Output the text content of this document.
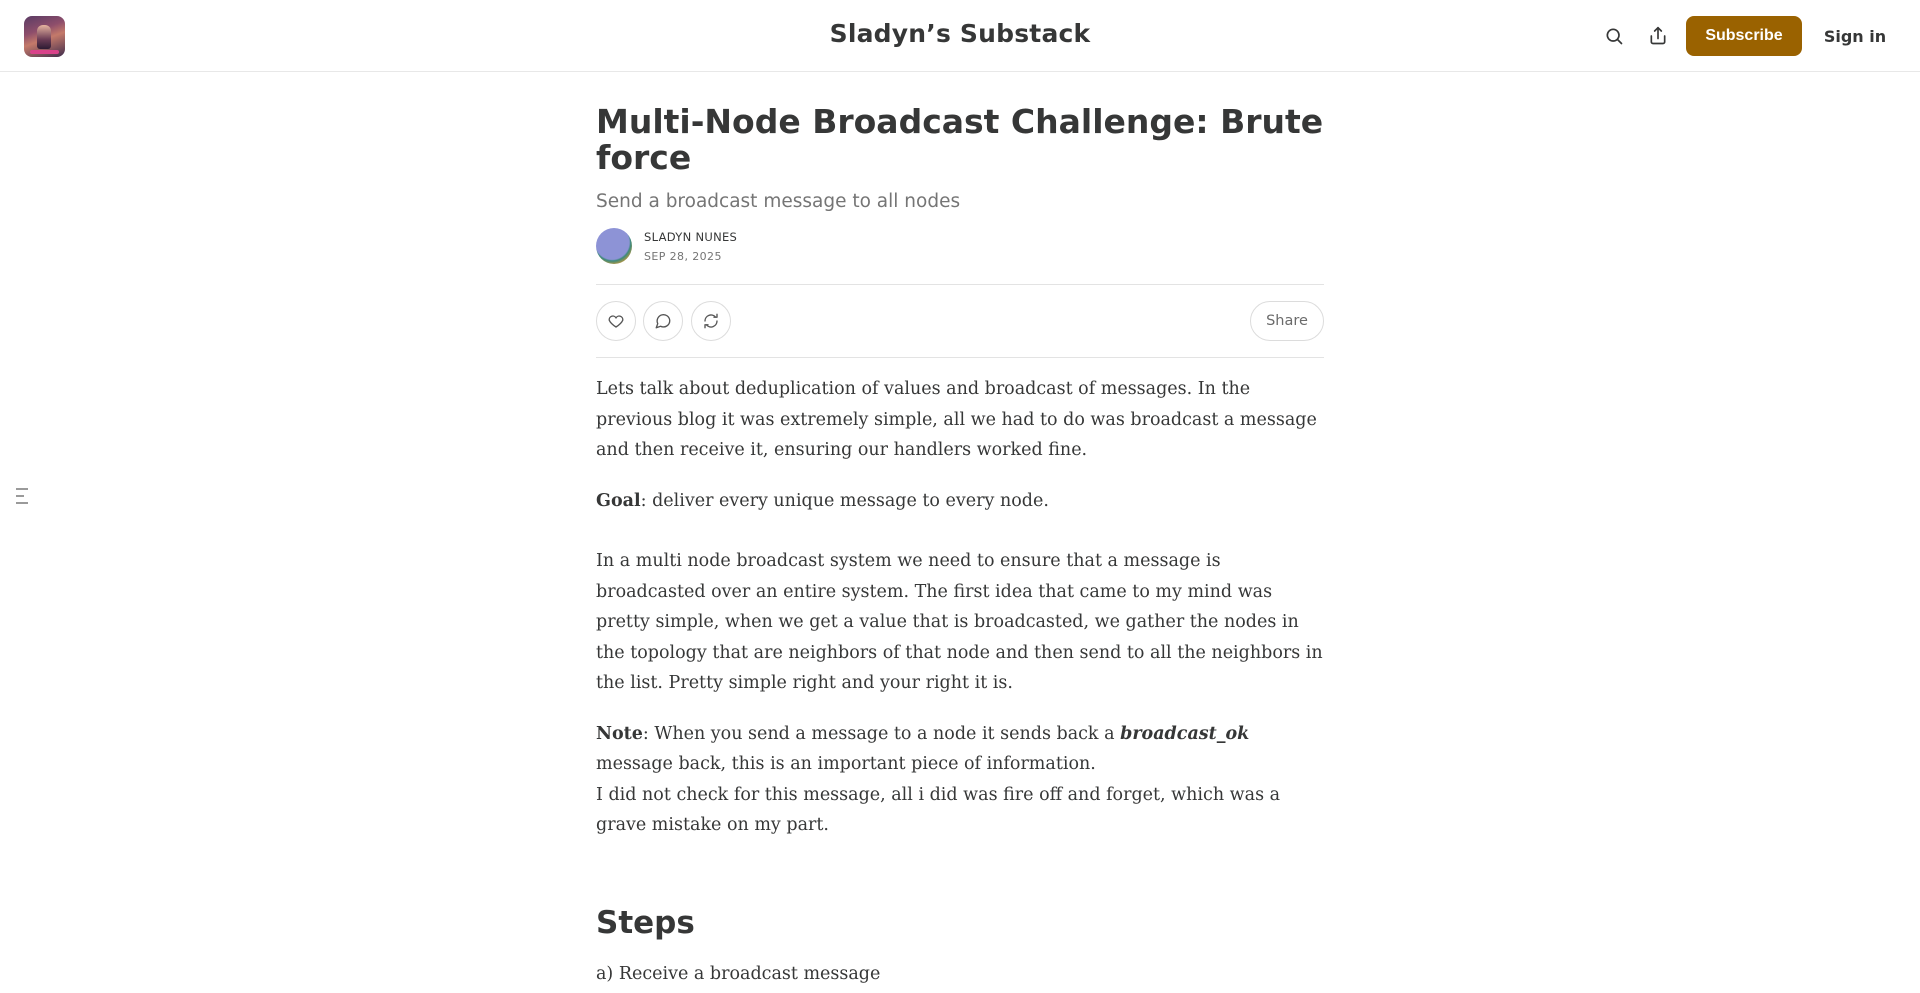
Sladyn’s Substack	Subscribe	Sign in
Multi-Node Broadcast Challenge: Brute force
Send a broadcast message to all nodes
SLADYN NUNES
SEP 28, 2025
Share

Lets talk about deduplication of values and broadcast of messages. In the previous blog it was extremely simple, all we had to do was broadcast a message and then receive it, ensuring our handlers worked fine.

Goal: deliver every unique message to every node.

In a multi node broadcast system we need to ensure that a message is broadcasted over an entire system. The first idea that came to my mind was pretty simple, when we get a value that is broadcasted, we gather the nodes in the topology that are neighbors of that node and then send to all the neighbors in the list. Pretty simple right and your right it is.

Note: When you send a message to a node it sends back a broadcast_ok message back, this is an important piece of information.
I did not check for this message, all i did was fire off and forget, which was a grave mistake on my part.

Steps
a) Receive a broadcast message
